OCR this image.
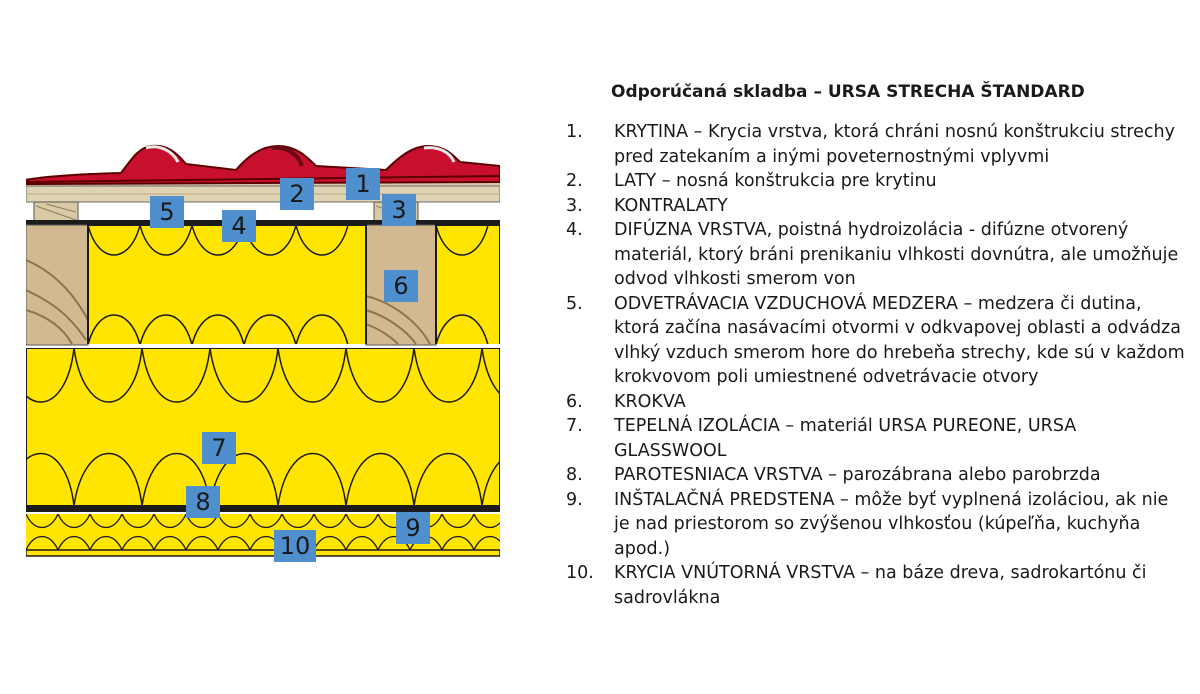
1
2
3
4
5
6
7
8
9
10
Odporúčaná skladba – URSA STRECHA ŠTANDARD
1.	KRYTINA – Krycia vrstva, ktorá chráni nosnú konštrukciu strechy pred zatekaním a inými poveternostnými vplyvmi
2.	LATY – nosná konštrukcia pre krytinu
3.	KONTRALATY
4.	DIFÚZNA VRSTVA, poistná hydroizolácia - difúzne otvorený materiál, ktorý bráni prenikaniu vlhkosti dovnútra, ale umožňuje odvod vlhkosti smerom von
5.	ODVETRÁVACIA VZDUCHOVÁ MEDZERA – medzera či dutina, ktorá začína nasávacími otvormi v odkvapovej oblasti a odvádza vlhký vzduch smerom hore do hrebeňa strechy, kde sú v každom krokvovom poli umiestnené odvetrávacie otvory
6.	KROKVA
7.	TEPELNÁ IZOLÁCIA – materiál URSA PUREONE, URSA GLASSWOOL
8.	PAROTESNIACA VRSTVA – parozábrana alebo parobrzda
9.	INŠTALAČNÁ PREDSTENA – môže byť vyplnená izoláciou, ak nie je nad priestorom so zvýšenou vlhkosťou (kúpeľňa, kuchyňa apod.)
10.	KRYCIA VNÚTORNÁ VRSTVA – na báze dreva, sadrokartónu či sadrovlákna
